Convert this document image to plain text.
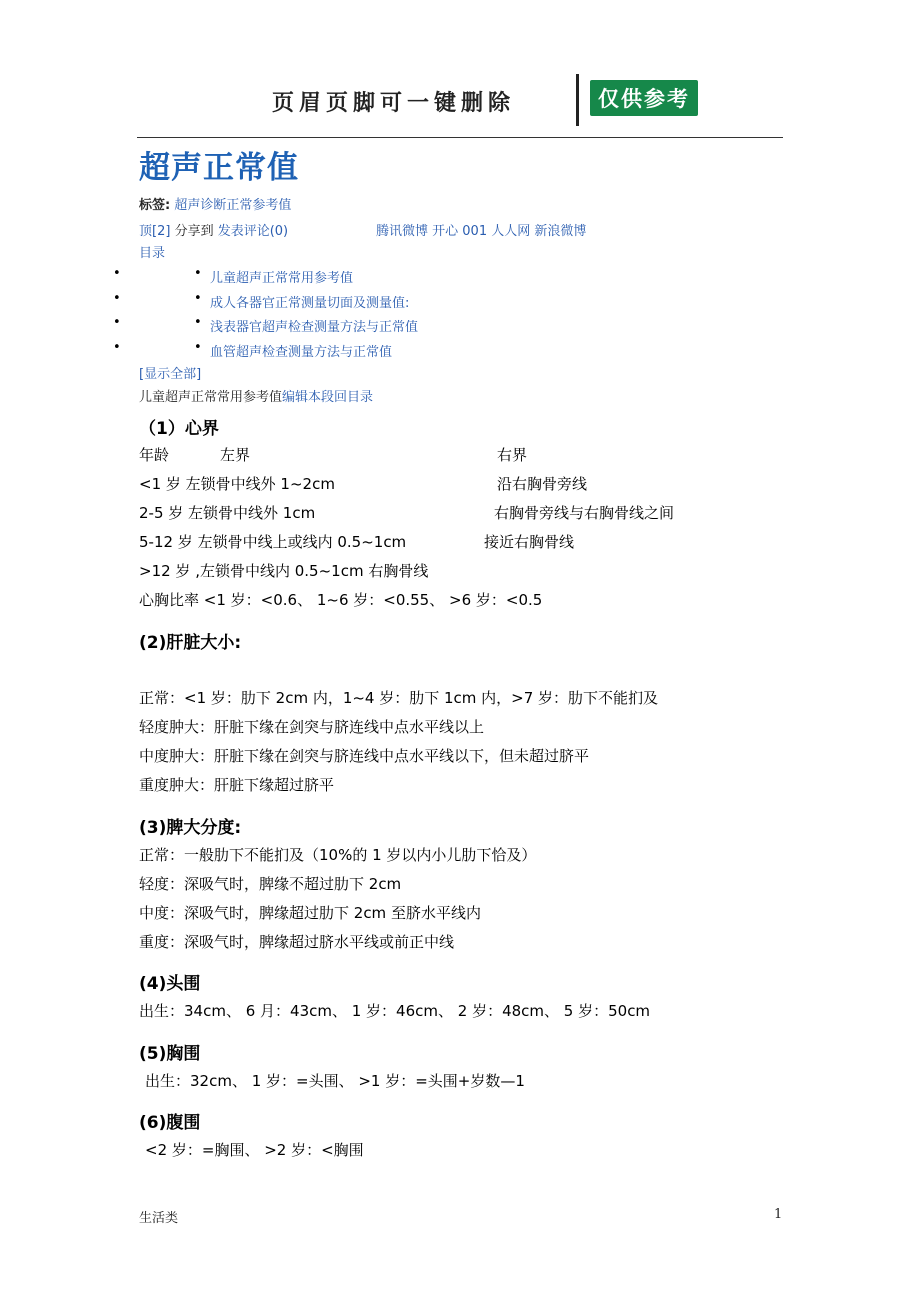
页眉页脚可一键删除	仅供参考
超声正常值
标签: 超声诊断正常参考值
顶[2] 分享到 发表评论(0)	腾讯微博 开心 001 人人网 新浪微博
目录
•	• 儿童超声正常常用参考值
•	• 成人各器官正常测量切面及测量值:
•	• 浅表器官超声检查测量方法与正常值
•	• 血管超声检查测量方法与正常值
[显示全部]
儿童超声正常常用参考值编辑本段回目录
（1）心界
年龄	左界	右界
<1 岁 左锁骨中线外 1~2cm	沿右胸骨旁线
2-5 岁 左锁骨中线外 1cm	右胸骨旁线与右胸骨线之间
5-12 岁 左锁骨中线上或线内 0.5~1cm	接近右胸骨线
>12 岁 ,左锁骨中线内 0.5~1cm 右胸骨线
心胸比率 <1 岁：<0.6、 1~6 岁：<0.55、 >6 岁：<0.5
(2)肝脏大小:
正常：<1 岁：肋下 2cm 内，1~4 岁：肋下 1cm 内，>7 岁：肋下不能扪及
轻度肿大：肝脏下缘在剑突与脐连线中点水平线以上
中度肿大：肝脏下缘在剑突与脐连线中点水平线以下，但未超过脐平
重度肿大：肝脏下缘超过脐平
(3)脾大分度:
正常：一般肋下不能扪及（10%的 1 岁以内小儿肋下恰及）
轻度：深吸气时，脾缘不超过肋下 2cm
中度：深吸气时，脾缘超过肋下 2cm 至脐水平线内
重度：深吸气时，脾缘超过脐水平线或前正中线
(4)头围
出生：34cm、 6 月：43cm、 1 岁：46cm、 2 岁：48cm、 5 岁：50cm
(5)胸围
出生：32cm、 1 岁：=头围、 >1 岁：=头围+岁数—1
(6)腹围
<2 岁：=胸围、 >2 岁：<胸围
生活类	1
